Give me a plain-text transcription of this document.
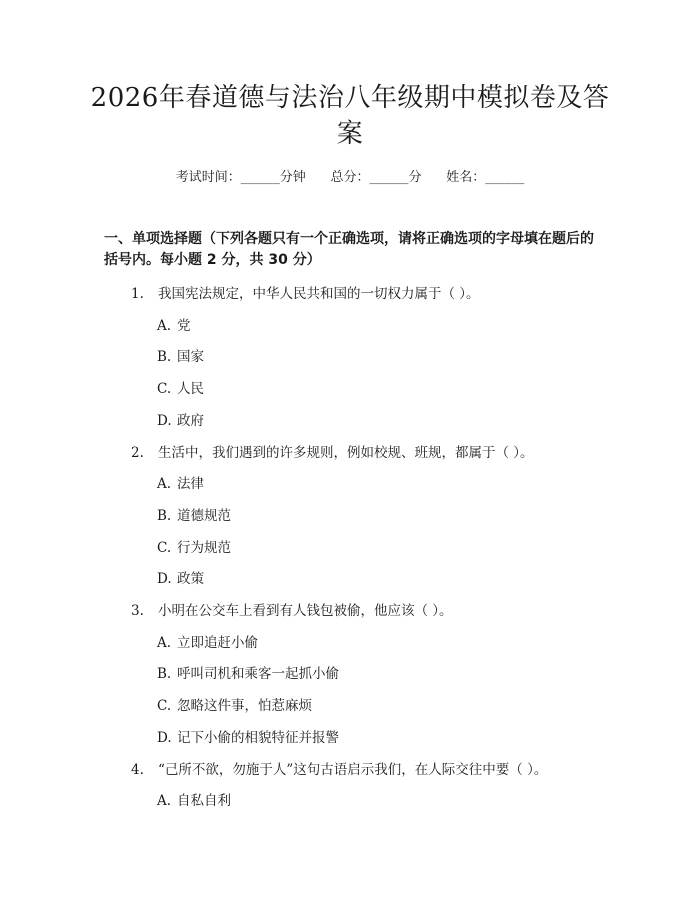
2026年春道德与法治八年级期中模拟卷及答案
考试时间：______分钟      总分：______分      姓名：______
一、单项选择题（下列各题只有一个正确选项，请将正确选项的字母填在题后的括号内。每小题 2 分，共 30 分）
1. 我国宪法规定，中华人民共和国的一切权力属于（ ）。
A. 党
B. 国家
C. 人民
D. 政府
2. 生活中，我们遇到的许多规则，例如校规、班规，都属于（ ）。
A. 法律
B. 道德规范
C. 行为规范
D. 政策
3. 小明在公交车上看到有人钱包被偷，他应该（ ）。
A. 立即追赶小偷
B. 呼叫司机和乘客一起抓小偷
C. 忽略这件事，怕惹麻烦
D. 记下小偷的相貌特征并报警
4. “己所不欲，勿施于人”这句古语启示我们，在人际交往中要（ ）。
A. 自私自利
